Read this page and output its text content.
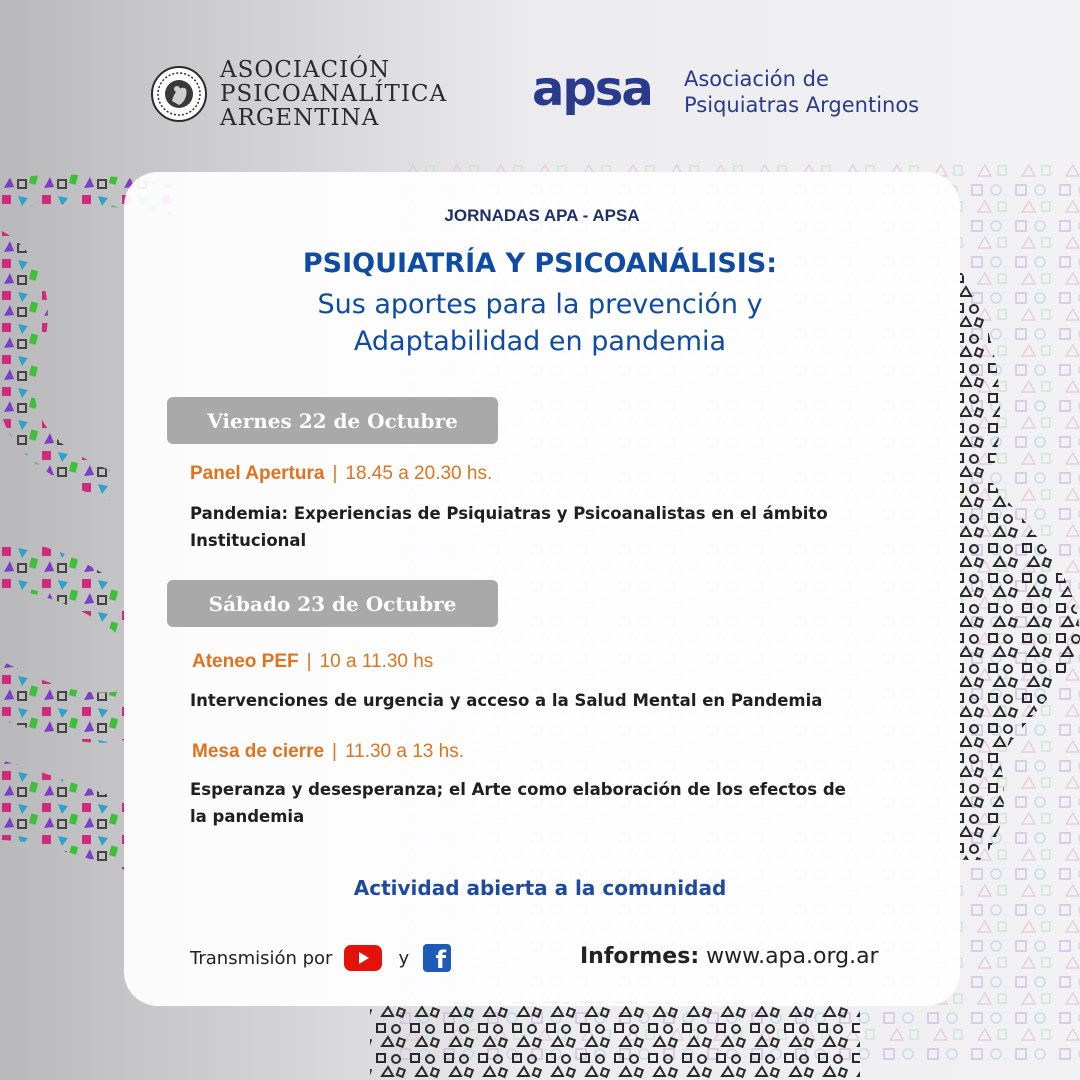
ASOCIACIÓN
PSICOANALÍTICA
ARGENTINA
apsa Asociación de
Psiquiatras Argentinos
JORNADAS APA - APSA
PSIQUIATRÍA Y PSICOANÁLISIS:
Sus aportes para la prevención y
Adaptabilidad en pandemia
Viernes 22 de Octubre
Panel Apertura | 18.45 a 20.30 hs.
Pandemia: Experiencias de Psiquiatras y Psicoanalistas en el ámbito
Institucional
Sábado 23 de Octubre
Ateneo PEF | 10 a 11.30 hs
Intervenciones de urgencia y acceso a la Salud Mental en Pandemia
Mesa de cierre | 11.30 a 13 hs.
Esperanza y desesperanza; el Arte como elaboración de los efectos de
la pandemia
Actividad abierta a la comunidad
Transmisión por	y	f	Informes: www.apa.org.ar
